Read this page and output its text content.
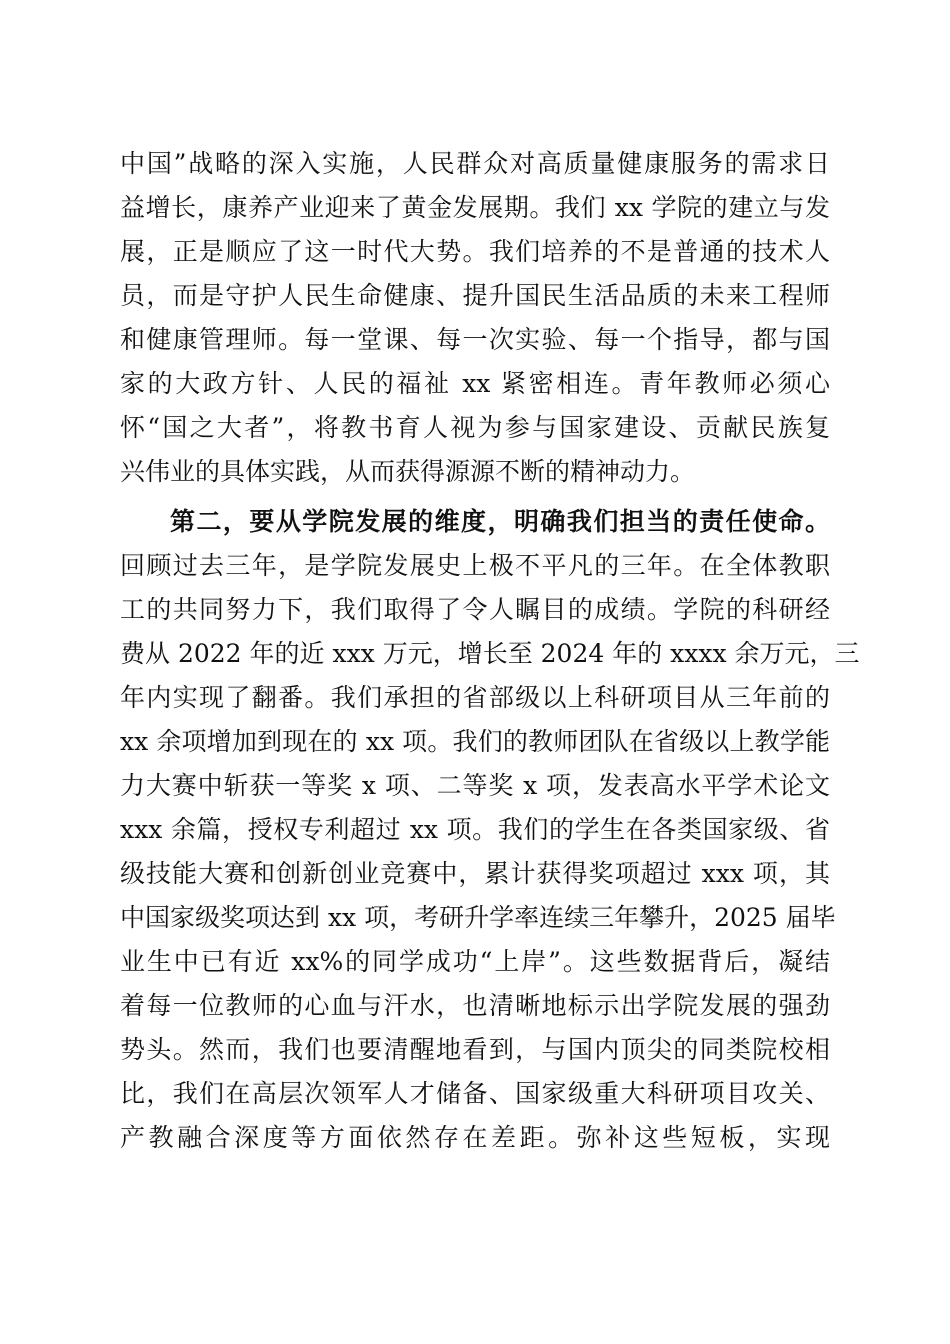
中国”战略的深入实施，人民群众对高质量健康服务的需求日
益增长，康养产业迎来了黄金发展期。我们 xx 学院的建立与发
展，正是顺应了这一时代大势。我们培养的不是普通的技术人
员，而是守护人民生命健康、提升国民生活品质的未来工程师
和健康管理师。每一堂课、每一次实验、每一个指导，都与国
家的大政方针、人民的福祉 xx 紧密相连。青年教师必须心
怀“国之大者”，将教书育人视为参与国家建设、贡献民族复
兴伟业的具体实践，从而获得源源不断的精神动力。
第二，要从学院发展的维度，明确我们担当的责任使命。
回顾过去三年，是学院发展史上极不平凡的三年。在全体教职
工的共同努力下，我们取得了令人瞩目的成绩。学院的科研经
费从 2022 年的近 xxx 万元，增长至 2024 年的 xxxx 余万元，三
年内实现了翻番。我们承担的省部级以上科研项目从三年前的
xx 余项增加到现在的 xx 项。我们的教师团队在省级以上教学能
力大赛中斩获一等奖 x 项、二等奖 x 项，发表高水平学术论文
xxx 余篇，授权专利超过 xx 项。我们的学生在各类国家级、省
级技能大赛和创新创业竞赛中，累计获得奖项超过 xxx 项，其
中国家级奖项达到 xx 项，考研升学率连续三年攀升，2025 届毕
业生中已有近 xx%的同学成功“上岸”。这些数据背后，凝结
着每一位教师的心血与汗水，也清晰地标示出学院发展的强劲
势头。然而，我们也要清醒地看到，与国内顶尖的同类院校相
比，我们在高层次领军人才储备、国家级重大科研项目攻关、
产教融合深度等方面依然存在差距。弥补这些短板，实现
